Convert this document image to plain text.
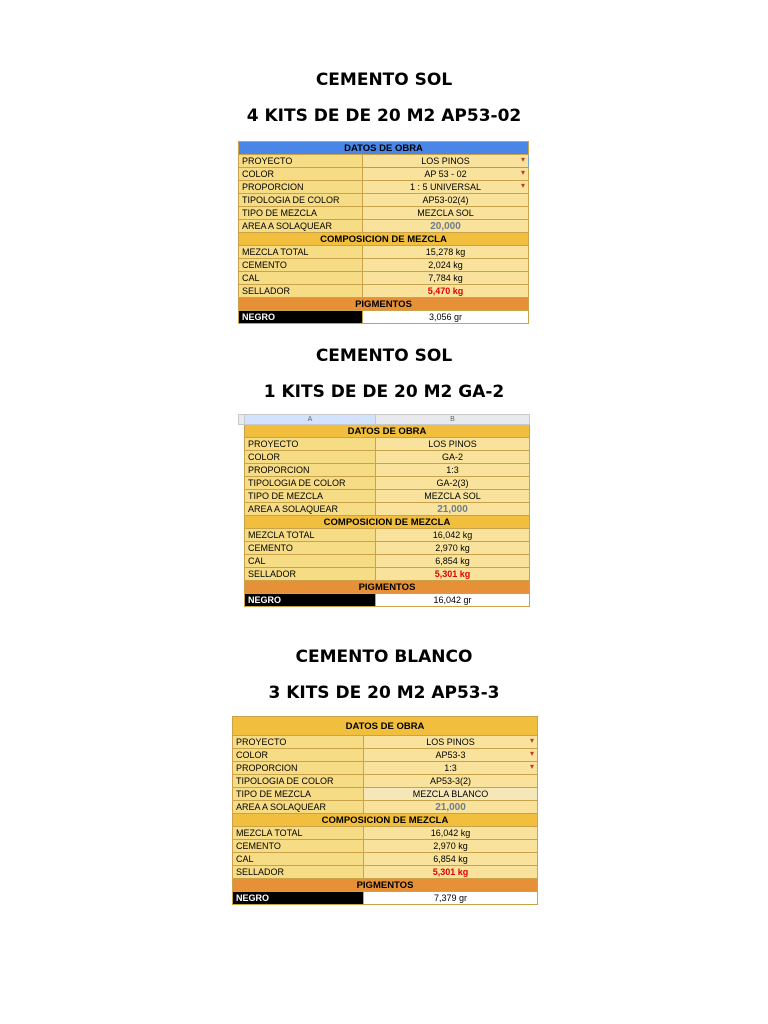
CEMENTO SOL
4 KITS DE DE 20 M2 AP53-02
DATOS DE OBRA	
PROYECTO	LOS PINOS ▾

COLOR	AP 53 - 02 ▾

PROPORCION	1 : 5 UNIVERSAL ▾

TIPOLOGIA DE COLOR	AP53-02(4)
TIPO DE MEZCLA	MEZCLA SOL
AREA A SOLAQUEAR	20,000
COMPOSICION DE MEZCLA	
MEZCLA TOTAL	15,278 kg
CEMENTO	2,024 kg
CAL	7,784 kg
SELLADOR	5,470 kg
PIGMENTOS	
NEGRO	3,056 gr
CEMENTO SOL
1 KITS DE DE 20 M2 GA-2
	A	B
	DATOS DE OBRA	
	PROYECTO	LOS PINOS
	COLOR	GA-2
	PROPORCION	1:3
	TIPOLOGIA DE COLOR	GA-2(3)
	TIPO DE MEZCLA	MEZCLA SOL
	AREA A SOLAQUEAR	21,000
	COMPOSICION DE MEZCLA	
	MEZCLA TOTAL	16,042 kg
	CEMENTO	2,970 kg
	CAL	6,854 kg
	SELLADOR	5,301 kg
	PIGMENTOS	
	NEGRO	16,042 gr
CEMENTO BLANCO
3 KITS DE 20 M2 AP53-3
DATOS DE OBRA	
PROYECTO	LOS PINOS ▾

COLOR	AP53-3 ▾

PROPORCION	1:3 ▾

TIPOLOGIA DE COLOR	AP53-3(2)
TIPO DE MEZCLA	MEZCLA BLANCO
AREA A SOLAQUEAR	21,000
COMPOSICION DE MEZCLA	
MEZCLA TOTAL	16,042 kg
CEMENTO	2,970 kg
CAL	6,854 kg
SELLADOR	5,301 kg
PIGMENTOS	
NEGRO	7,379 gr
